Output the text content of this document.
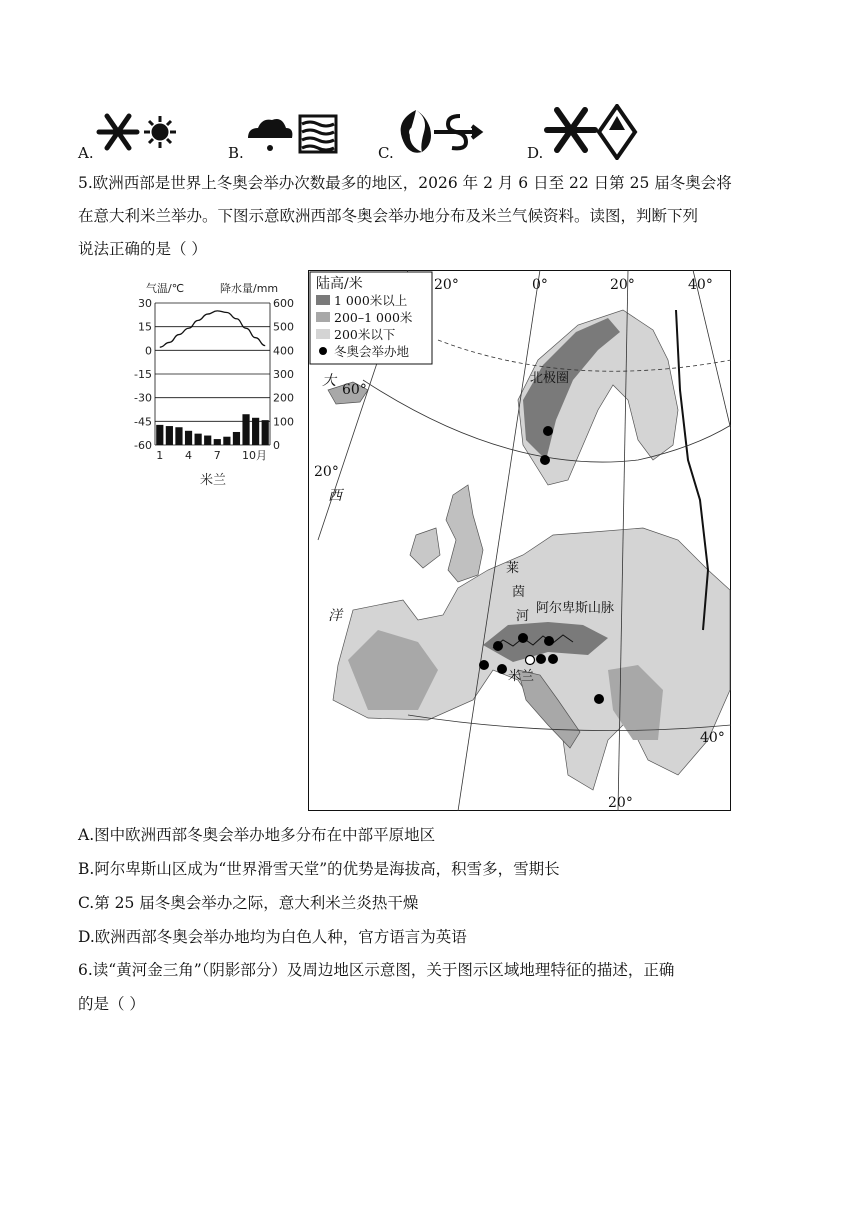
A.	B.	C.	D.
5.欧洲西部是世界上冬奥会举办次数最多的地区，2026 年 2 月 6 日至 22 日第 25 届冬奥会将
在意大利米兰举办。下图示意欧洲西部冬奥会举办地分布及米兰气候资料。读图，判断下列
说法正确的是（ ）
气温/℃	降水量/mm
30	600
15	500
0	400
-15	300
-30	200
-45	100
-60	0
1 4 7 10月
米兰
陆高/米
1 000米以上
200–1 000米
200米以下
冬奥会举办地
20°	0°	20°	40°
60°
20°
40°
20°
大
西
洋
北极圈
莱
茵
河
阿尔卑斯山脉
米兰
A.图中欧洲西部冬奥会举办地多分布在中部平原地区
B.阿尔卑斯山区成为“世界滑雪天堂”的优势是海拔高，积雪多，雪期长
C.第 25 届冬奥会举办之际，意大利米兰炎热干燥
D.欧洲西部冬奥会举办地均为白色人种，官方语言为英语
6.读“黄河金三角”（阴影部分）及周边地区示意图，关于图示区域地理特征的描述，正确
的是（ ）
